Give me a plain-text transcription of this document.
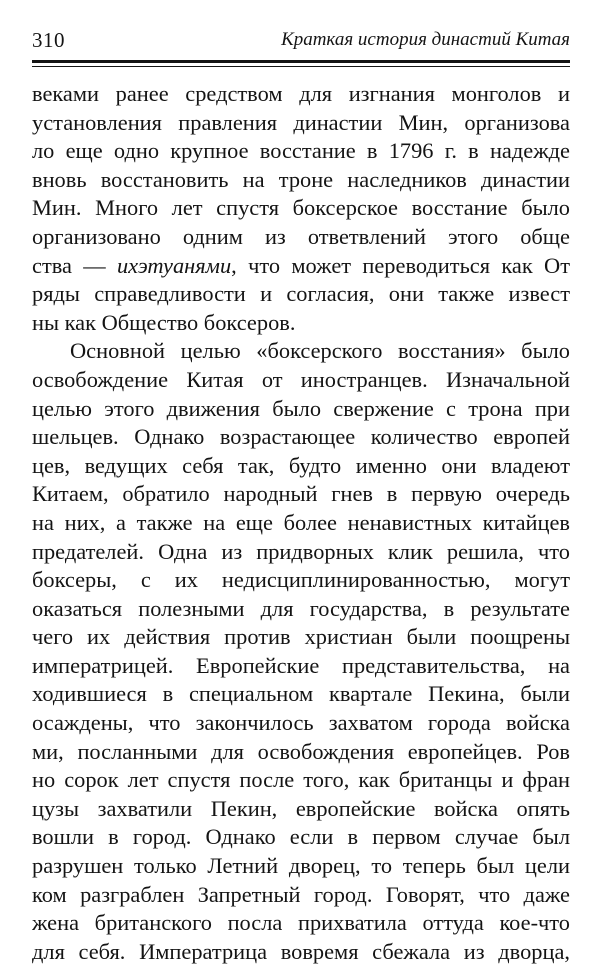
310	Краткая история династий Китая
веками ранее средством для изгнания монголов и
установления правления династии Мин, организова
ло еще одно крупное восстание в 1796 г. в надежде
вновь восстановить на троне наследников династии
Мин. Много лет спустя боксерское восстание было
организовано одним из ответвлений этого обще
ства — ихэтуанями, что может переводиться как От
ряды справедливости и согласия, они также извест
ны как Общество боксеров.
Основной целью «боксерского восстания» было
освобождение Китая от иностранцев. Изначальной
целью этого движения было свержение с трона при
шельцев. Однако возрастающее количество европей
цев, ведущих себя так, будто именно они владеют
Китаем, обратило народный гнев в первую очередь
на них, а также на еще более ненавистных китайцев
предателей. Одна из придворных клик решила, что
боксеры, с их недисциплинированностью, могут
оказаться полезными для государства, в результате
чего их действия против христиан были поощрены
императрицей. Европейские представительства, на
ходившиеся в специальном квартале Пекина, были
осаждены, что закончилось захватом города войска
ми, посланными для освобождения европейцев. Ров
но сорок лет спустя после того, как британцы и фран
цузы захватили Пекин, европейские войска опять
вошли в город. Однако если в первом случае был
разрушен только Летний дворец, то теперь был цели
ком разграблен Запретный город. Говорят, что даже
жена британского посла прихватила оттуда кое-что
для себя. Императрица вовремя сбежала из дворца,
